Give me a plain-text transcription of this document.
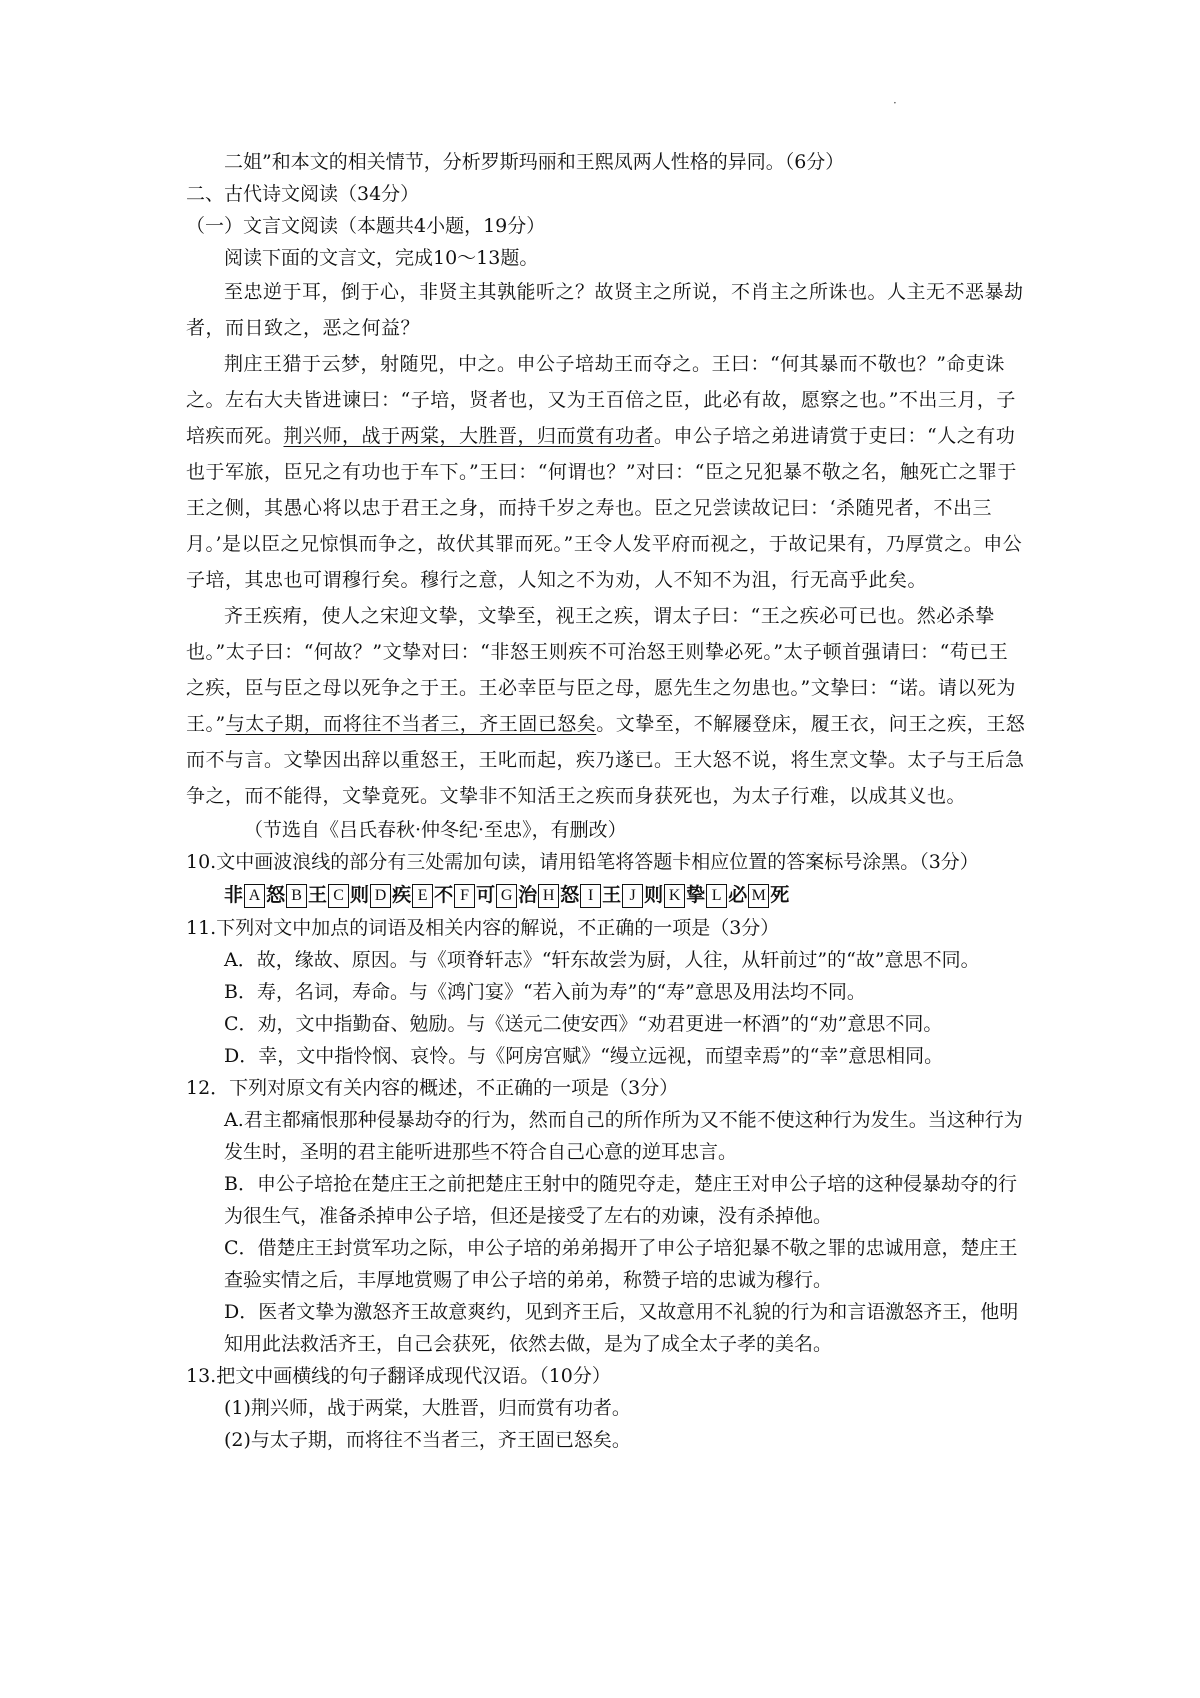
·

二姐”和本文的相关情节，分析罗斯玛丽和王熙凤两人性格的异同。（6分）

二、古代诗文阅读（34分）

（一）文言文阅读（本题共4小题，19分）

阅读下面的文言文，完成10～13题。

至忠逆于耳，倒于心，非贤主其孰能听之？故贤主之所说，不肖主之所诛也。人主无不恶暴劫者，而日致之，恶之何益？

荆庄王猎于云梦，射随兕，中之。申公子培劫王而夺之。王曰：“何其暴而不敬也？”命吏诛之。左右大夫皆进谏曰：“子培，贤者也，又为王百倍之臣，此必有故，愿察之也。”不出三月，子培疾而死。荆兴师，战于两棠，大胜晋，归而赏有功者。申公子培之弟进请赏于吏曰：“人之有功也于军旅，臣兄之有功也于车下。”王曰：“何谓也？”对曰：“臣之兄犯暴不敬之名，触死亡之罪于王之侧，其愚心将以忠于君王之身，而持千岁之寿也。臣之兄尝读故记曰：‘杀随兕者，不出三月。’是以臣之兄惊惧而争之，故伏其罪而死。”王令人发平府而视之，于故记果有，乃厚赏之。申公子培，其忠也可谓穆行矣。穆行之意，人知之不为劝，人不知不为沮，行无高乎此矣。

齐王疾痏，使人之宋迎文挚，文挚至，视王之疾，谓太子曰：“王之疾必可已也。然必杀挚也。”太子曰：“何故？”文挚对曰：“非怒王则疾不可治怒王则挚必死。”太子顿首强请曰：“苟已王之疾，臣与臣之母以死争之于王。王必幸臣与臣之母，愿先生之勿患也。”文挚曰：“诺。请以死为王。”与太子期，而将往不当者三，齐王固已怒矣。文挚至，不解屦登床，履王衣，问王之疾，王怒而不与言。文挚因出辞以重怒王，王叱而起，疾乃遂已。王大怒不说，将生烹文挚。太子与王后急争之，而不能得，文挚竟死。文挚非不知活王之疾而身获死也，为太子行难，以成其义也。

（节选自《吕氏春秋·仲冬纪·至忠》，有删改）

10.文中画波浪线的部分有三处需加句读，请用铅笔将答题卡相应位置的答案标号涂黑。（3分）

非 A 怒 B 王 C 则 D 疾 E 不 F 可 G 治 H 怒 I 王 J 则 K 挚 L 必 M 死

11.下列对文中加点的词语及相关内容的解说，不正确的一项是（3分）

A．故，缘故、原因。与《项脊轩志》“轩东故尝为厨，人往，从轩前过”的“故”意思不同。

B．寿，名词，寿命。与《鸿门宴》“若入前为寿”的“寿”意思及用法均不同。

C．劝，文中指勤奋、勉励。与《送元二使安西》“劝君更进一杯酒”的“劝”意思不同。

D．幸，文中指怜悯、哀怜。与《阿房宫赋》“缦立远视，而望幸焉”的“幸”意思相同。

12．下列对原文有关内容的概述，不正确的一项是（3分）

A.君主都痛恨那种侵暴劫夺的行为，然而自己的所作所为又不能不使这种行为发生。当这种行为发生时，圣明的君主能听进那些不符合自己心意的逆耳忠言。

B．申公子培抢在楚庄王之前把楚庄王射中的随兕夺走，楚庄王对申公子培的这种侵暴劫夺的行为很生气，准备杀掉申公子培，但还是接受了左右的劝谏，没有杀掉他。

C．借楚庄王封赏军功之际，申公子培的弟弟揭开了申公子培犯暴不敬之罪的忠诚用意，楚庄王查验实情之后，丰厚地赏赐了申公子培的弟弟，称赞子培的忠诚为穆行。

D．医者文挚为激怒齐王故意爽约，见到齐王后，又故意用不礼貌的行为和言语激怒齐王，他明知用此法救活齐王，自己会获死，依然去做，是为了成全太子孝的美名。

13.把文中画横线的句子翻译成现代汉语。（10分）

(1)荆兴师，战于两棠，大胜晋，归而赏有功者。

(2)与太子期，而将往不当者三，齐王固已怒矣。
